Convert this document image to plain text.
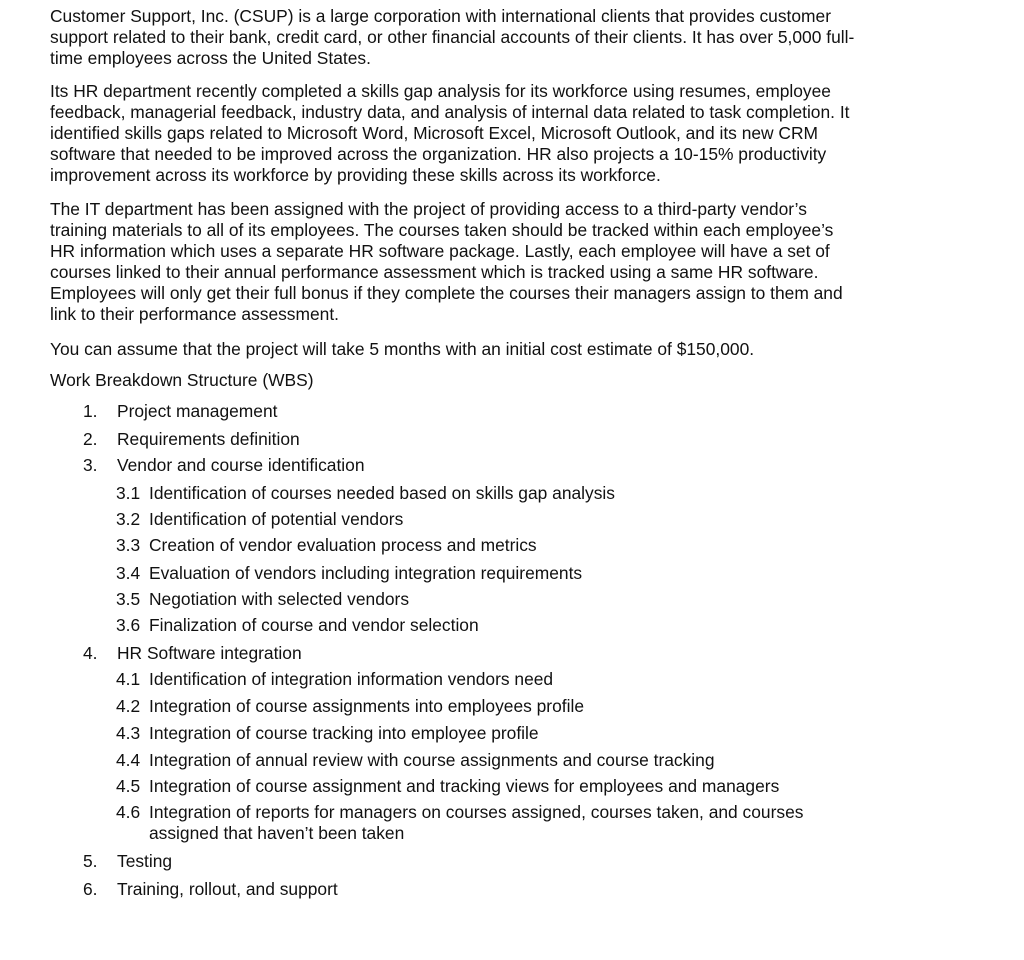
Customer Support, Inc. (CSUP) is a large corporation with international clients that provides customer
support related to their bank, credit card, or other financial accounts of their clients. It has over 5,000 full-
time employees across the United States.

Its HR department recently completed a skills gap analysis for its workforce using resumes, employee
feedback, managerial feedback, industry data, and analysis of internal data related to task completion. It
identified skills gaps related to Microsoft Word, Microsoft Excel, Microsoft Outlook, and its new CRM
software that needed to be improved across the organization. HR also projects a 10-15% productivity
improvement across its workforce by providing these skills across its workforce.

The IT department has been assigned with the project of providing access to a third-party vendor’s
training materials to all of its employees. The courses taken should be tracked within each employee’s
HR information which uses a separate HR software package. Lastly, each employee will have a set of
courses linked to their annual performance assessment which is tracked using a same HR software.
Employees will only get their full bonus if they complete the courses their managers assign to them and
link to their performance assessment.

You can assume that the project will take 5 months with an initial cost estimate of $150,000.

Work Breakdown Structure (WBS)

1. Project management
2. Requirements definition
3. Vendor and course identification
3.1 Identification of courses needed based on skills gap analysis
3.2 Identification of potential vendors
3.3 Creation of vendor evaluation process and metrics
3.4 Evaluation of vendors including integration requirements
3.5 Negotiation with selected vendors
3.6 Finalization of course and vendor selection
4. HR Software integration
4.1 Identification of integration information vendors need
4.2 Integration of course assignments into employees profile
4.3 Integration of course tracking into employee profile
4.4 Integration of annual review with course assignments and course tracking
4.5 Integration of course assignment and tracking views for employees and managers
4.6 Integration of reports for managers on courses assigned, courses taken, and courses
assigned that haven’t been taken
5. Testing
6. Training, rollout, and support
